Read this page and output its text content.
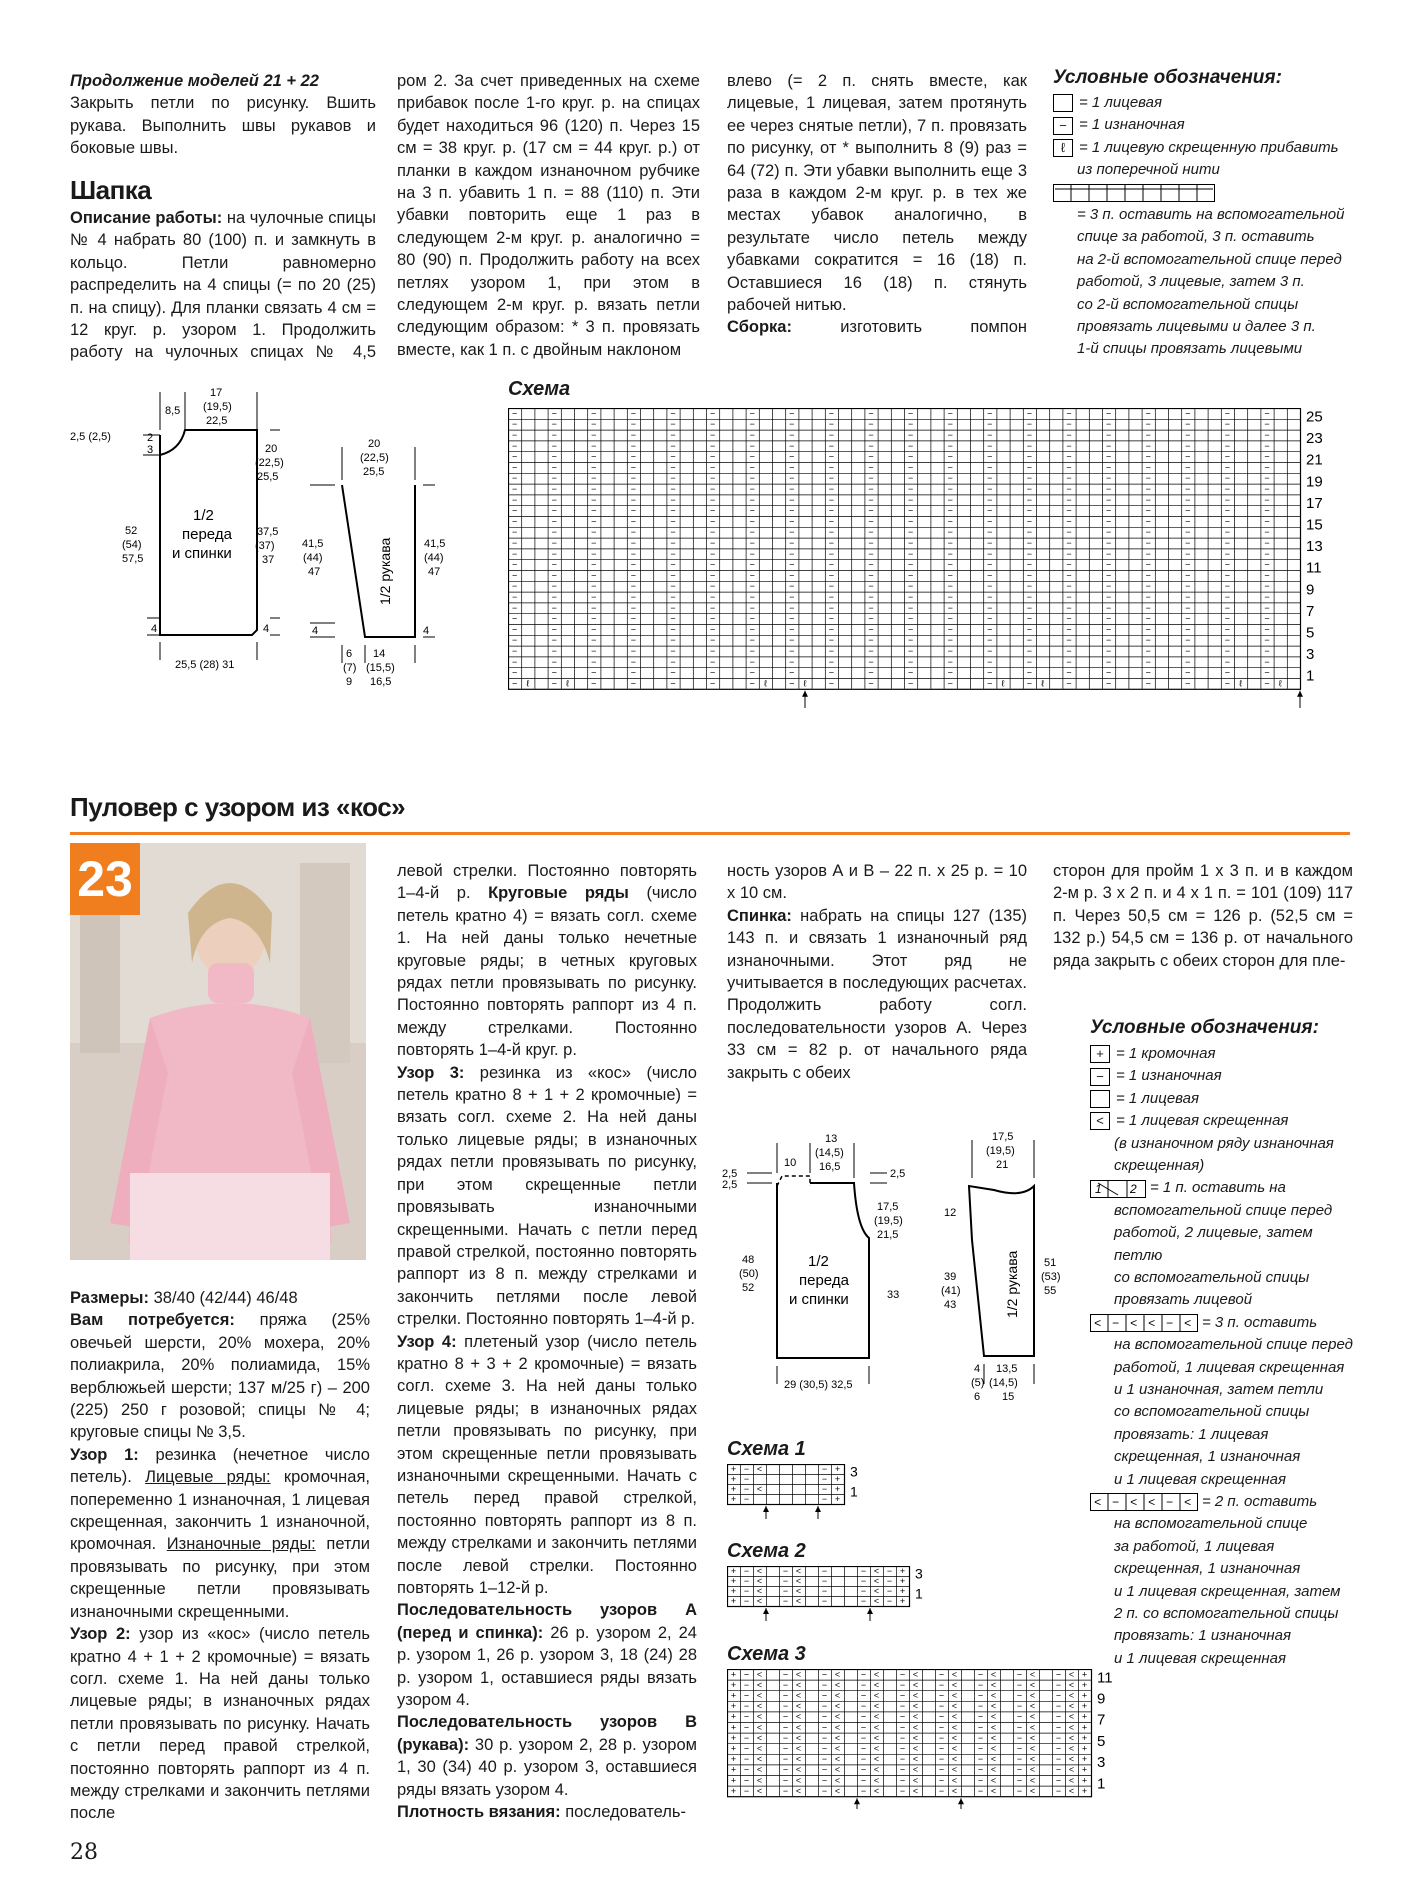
Продолжение моделей 21 + 22

Закрыть петли по рисунку. Вшить рукава. Выполнить швы рукавов и боковые швы.

Шапка

Описание работы: на чулочные спицы № 4 набрать 80 (100) п. и замкнуть в кольцо. Петли равномерно распределить на 4 спицы (= по 20 (25) п. на спицу). Для планки связать 4 см = 12 круг. р. узором 1. Продолжить работу на чулочных спицах № 4,5

ром 2. За счет приведенных на схеме прибавок после 1-го круг. р. на спицах будет находиться 96 (120) п. Через 15 см = 38 круг. р. (17 см = 44 круг. р.) от планки в каждом изнаночном рубчике на 3 п. убавить 1 п. = 88 (110) п. Эти убавки повторить еще 1 раз в следующем 2-м круг. р. аналогично = 80 (90) п. Продолжить работу на всех петлях узором 1, при этом в следующем 2-м круг. р. вязать петли следующим образом: * 3 п. провязать вместе, как 1 п. с двойным наклоном

влево (= 2 п. снять вместе, как лицевые, 1 лицевая, затем протянуть ее через снятые петли), 7 п. провязать по рисунку, от * выполнить 8 (9) раз = 64 (72) п. Эти убавки выполнить еще 3 раза в каждом 2-м круг. р. в тех же местах убавок аналогично, в результате число петель между убавками сократится = 16 (18) п. Оставшиеся 16 (18) п. стянуть рабочей нитью.

Сборка:	изготовить помпон

Условные обозначения:
= 1 лицевая
− = 1 изнаночная
ℓ = 1 лицевую скрещенную прибавить
из поперечной нити
= 3 п. оставить на вспомогательной
спице за работой, 3 п. оставить
на 2-й вспомогательной спице перед
работой, 3 лицевые, затем 3 п.
со 2-й вспомогательной спицы
провязать лицевыми и далее 3 п.
1-й спицы провязать лицевыми
8,5
17
(19,5)
22,5
2,5 (2,5)	2
3
52
(54)
57,5
1/2
переда
и спинки
20
(22,5)
25,5
37,5
(37)
37
4	4
25,5 (28) 31
20
(22,5)
25,5
41,5
(44)
47
41,5
(44)
47
1/2 рукава
4	4
6
(7)
9
14
(15,5)
16,5
Схема
−	−	−	−	−	−	−	−	−	−	−	−	−	−	−	−	−	−	−	−
−	−	−	−	−	−	−	−	−	−	−	−	−	−	−	−	−	−	−	−
−	−	−	−	−	−	−	−	−	−	−	−	−	−	−	−	−	−	−	−
−	−	−	−	−	−	−	−	−	−	−	−	−	−	−	−	−	−	−	−
−	−	−	−	−	−	−	−	−	−	−	−	−	−	−	−	−	−	−	−
−	−	−	−	−	−	−	−	−	−	−	−	−	−	−	−	−	−	−	−
−	−	−	−	−	−	−	−	−	−	−	−	−	−	−	−	−	−	−	−
−	−	−	−	−	−	−	−	−	−	−	−	−	−	−	−	−	−	−	−
−	−	−	−	−	−	−	−	−	−	−	−	−	−	−	−	−	−	−	−
−	−	−	−	−	−	−	−	−	−	−	−	−	−	−	−	−	−	−	−
−	−	−	−	−	−	−	−	−	−	−	−	−	−	−	−	−	−	−	−
−	−	−	−	−	−	−	−	−	−	−	−	−	−	−	−	−	−	−	−
−	−	−	−	−	−	−	−	−	−	−	−	−	−	−	−	−	−	−	−
−	−	−	−	−	−	−	−	−	−	−	−	−	−	−	−	−	−	−	−
−	−	−	−	−	−	−	−	−	−	−	−	−	−	−	−	−	−	−	−
−	−	−	−	−	−	−	−	−	−	−	−	−	−	−	−	−	−	−	−
−	−	−	−	−	−	−	−	−	−	−	−	−	−	−	−	−	−	−	−
−	−	−	−	−	−	−	−	−	−	−	−	−	−	−	−	−	−	−	−
−	−	−	−	−	−	−	−	−	−	−	−	−	−	−	−	−	−	−	−
−	−	−	−	−	−	−	−	−	−	−	−	−	−	−	−	−	−	−	−
−	−	−	−	−	−	−	−	−	−	−	−	−	−	−	−	−	−	−	−
−	−	−	−	−	−	−	−	−	−	−	−	−	−	−	−	−	−	−	−
−	−	−	−	−	−	−	−	−	−	−	−	−	−	−	−	−	−	−	−
−	−	−	−	−	−	−	−	−	−	−	−	−	−	−	−	−	−	−	−
−	−	−	−	−	−	−	−	−	−	−	−	−	−	−	−	−	−	−	−
− ℓ − ℓ −	−	−	−	− ℓ − ℓ −	−	−	−	− ℓ − ℓ −	−	−	−	− ℓ − ℓ
25
23
21
19
17
15
13
11
9
7
5
3
1
Пуловер с узором из «кос»
23

Размеры: 38/40 (42/44) 46/48

Вам потребуется: пряжа (25% овечьей шерсти, 20% мохера, 20% полиакрила, 20% полиамида, 15% верблюжьей шерсти; 137 м/25 г) – 200 (225) 250 г розовой; спицы № 4; круговые спицы № 3,5.

Узор 1: резинка (нечетное число петель). Лицевые ряды: кромочная, попеременно 1 изнаночная, 1 лицевая скрещенная, закончить 1 изнаночной, кромочная. Изнаночные ряды: петли провязывать по рисунку, при этом скрещенные петли провязывать изнаночными скрещенными.

Узор 2: узор из «кос» (число петель кратно 4 + 1 + 2 кромочные) = вязать согл. схеме 1. На ней даны только лицевые ряды; в изнаночных рядах петли провязывать по рисунку. Начать с петли перед правой стрелкой, постоянно повторять раппорт из 4 п. между стрелками и закончить петлями после

левой стрелки. Постоянно повторять 1–4-й р. Круговые ряды (число петель кратно 4) = вязать согл. схеме 1. На ней даны только нечетные круговые ряды; в четных круговых рядах петли провязывать по рисунку. Постоянно повторять раппорт из 4 п. между стрелками. Постоянно повторять 1–4-й круг. р.

Узор 3: резинка из «кос» (число петель кратно 8 + 1 + 2 кромочные) = вязать согл. схеме 2. На ней даны только лицевые ряды; в изнаночных рядах петли провязывать по рисунку, при этом скрещенные петли провязывать изнаночными скрещенными. Начать с петли перед правой стрелкой, постоянно повторять раппорт из 8 п. между стрелками и закончить петлями после левой стрелки. Постоянно повторять 1–4-й р.

Узор 4: плетеный узор (число петель кратно 8 + 3 + 2 кромочные) = вязать согл. схеме 3. На ней даны только лицевые ряды; в изнаночных рядах петли провязывать по рисунку, при этом скрещенные петли провязывать изнаночными скрещенными. Начать с петель перед правой стрелкой, постоянно повторять раппорт из 8 п. между стрелками и закончить петлями после левой стрелки. Постоянно повторять 1–12-й р.

Последовательность узоров А (перед и спинка): 26 р. узором 2, 24 р. узором 1, 26 р. узором 3, 18 (24) 28 р. узором 1, оставшиеся ряды вязать узором 4.

Последовательность узоров В (рукава): 30 р. узором 2, 28 р. узором 1, 30 (34) 40 р. узором 3, оставшиеся ряды вязать узором 4.

Плотность вязания: последователь-

ность узоров А и В – 22 п. х 25 р. = 10 х 10 см.

Спинка: набрать на спицы 127 (135) 143 п. и связать 1 изнаночный ряд изнаночными. Этот ряд не учитывается в последующих расчетах. Продолжить работу согл. последовательности узоров А. Через 33 см = 82 р. от начального ряда закрыть с обеих

сторон для пройм 1 х 3 п. и в каждом 2-м р. 3 х 2 п. и 4 х 1 п. = 101 (109) 117 п. Через 50,5 см = 126 р. (52,5 см = 132 р.) 54,5 см = 136 р. от начального ряда закрыть с обеих сторон для пле-

Условные обозначения:
+ = 1 кромочная
− = 1 изнаночная
= 1 лицевая
< = 1 лицевая скрещенная
(в изнаночном ряду изнаночная
скрещенная)
1 2 = 1 п. оставить на
вспомогательной спице перед
работой, 2 лицевые, затем петлю
со вспомогательной спицы
провязать лицевой
< − < < − < = 3 п. оставить
на вспомогательной спице перед
работой, 1 лицевая скрещенная
и 1 изнаночная, затем петли
со вспомогательной спицы
провязать: 1 лицевая
скрещенная, 1 изнаночная
и 1 лицевая скрещенная
< − < < − < = 2 п. оставить
на вспомогательной спице
за работой, 1 лицевая
скрещенная, 1 изнаночная
и 1 лицевая скрещенная, затем
2 п. со вспомогательной спицы
провязать: 1 изнаночная
и 1 лицевая скрещенная
10
13
(14,5)
16,5
2,5
2,5
2,5
17,5
(19,5)
21,5
48
(50)
52
1/2
переда
и спинки	33
29 (30,5) 32,5
17,5
(19,5)
21
12
39
(41)
43
51
(53)
55
1/2 рукава
4
(5)
6
13,5
(14,5)
15
Схема 1
+ − <	− +
+ −	− +
+ − <	− +
+ −	− +
3
1
Схема 2
+ − < − < −	− < − +
+ − < − < −	− < − +
+ − < − < −	− < − +
+ − < − < −	− < − +
3
1
Схема 3
+ − < − < − < − < − < − < − < − < − < +
+ − < − < − < − < − < − < − < − < − < +
+ − < − < − < − < − < − < − < − < − < +
+ − < − < − < − < − < − < − < − < − < +
+ − < − < − < − < − < − < − < − < − < +
+ − < − < − < − < − < − < − < − < − < +
+ − < − < − < − < − < − < − < − < − < +
+ − < − < − < − < − < − < − < − < − < +
+ − < − < − < − < − < − < − < − < − < +
+ − < − < − < − < − < − < − < − < − < +
+ − < − < − < − < − < − < − < − < − < +
+ − < − < − < − < − < − < − < − < − < +
11
9
7
5
3
1
28
